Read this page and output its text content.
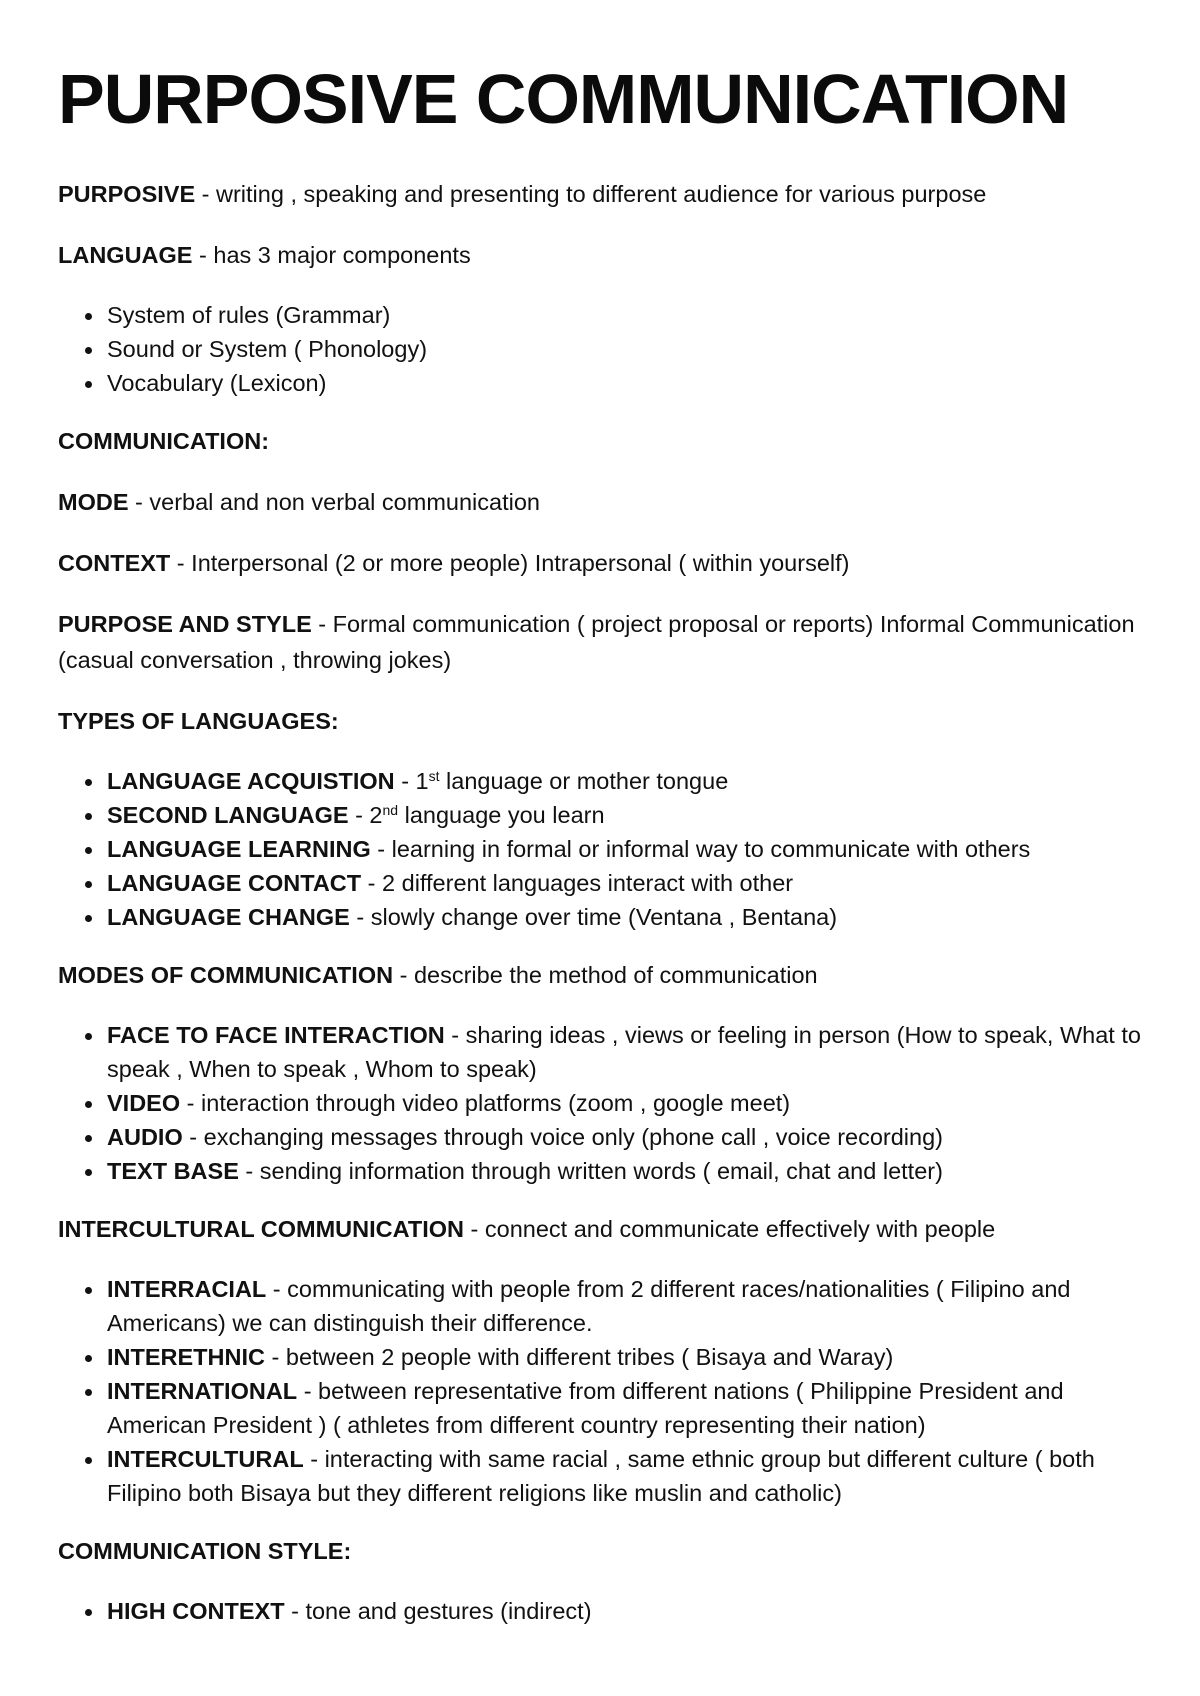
PURPOSIVE COMMUNICATION

PURPOSIVE - writing , speaking and presenting to different audience for various purpose

LANGUAGE - has 3 major components

• System of rules (Grammar)
• Sound or System ( Phonology)
• Vocabulary (Lexicon)

COMMUNICATION:

MODE - verbal and non verbal communication

CONTEXT - Interpersonal (2 or more people) Intrapersonal ( within yourself)

PURPOSE AND STYLE - Formal communication ( project proposal or reports) Informal Communication (casual conversation , throwing jokes)

TYPES OF LANGUAGES:

• LANGUAGE ACQUISTION - 1st language or mother tongue
• SECOND LANGUAGE - 2nd language you learn
• LANGUAGE LEARNING - learning in formal or informal way to communicate with others
• LANGUAGE CONTACT - 2 different languages interact with other
• LANGUAGE CHANGE - slowly change over time (Ventana , Bentana)

MODES OF COMMUNICATION - describe the method of communication

• FACE TO FACE INTERACTION - sharing ideas , views or feeling in person (How to speak, What to speak , When to speak , Whom to speak)
• VIDEO - interaction through video platforms (zoom , google meet)
• AUDIO - exchanging messages through voice only (phone call , voice recording)
• TEXT BASE - sending information through written words ( email, chat and letter)

INTERCULTURAL COMMUNICATION - connect and communicate effectively with people

• INTERRACIAL - communicating with people from 2 different races/nationalities ( Filipino and Americans) we can distinguish their difference.
• INTERETHNIC - between 2 people with different tribes ( Bisaya and Waray)
• INTERNATIONAL - between representative from different nations ( Philippine President and American President ) ( athletes from different country representing their nation)
• INTERCULTURAL - interacting with same racial , same ethnic group but different culture ( both Filipino both Bisaya but they different religions like muslin and catholic)

COMMUNICATION STYLE:

• HIGH CONTEXT - tone and gestures (indirect)
